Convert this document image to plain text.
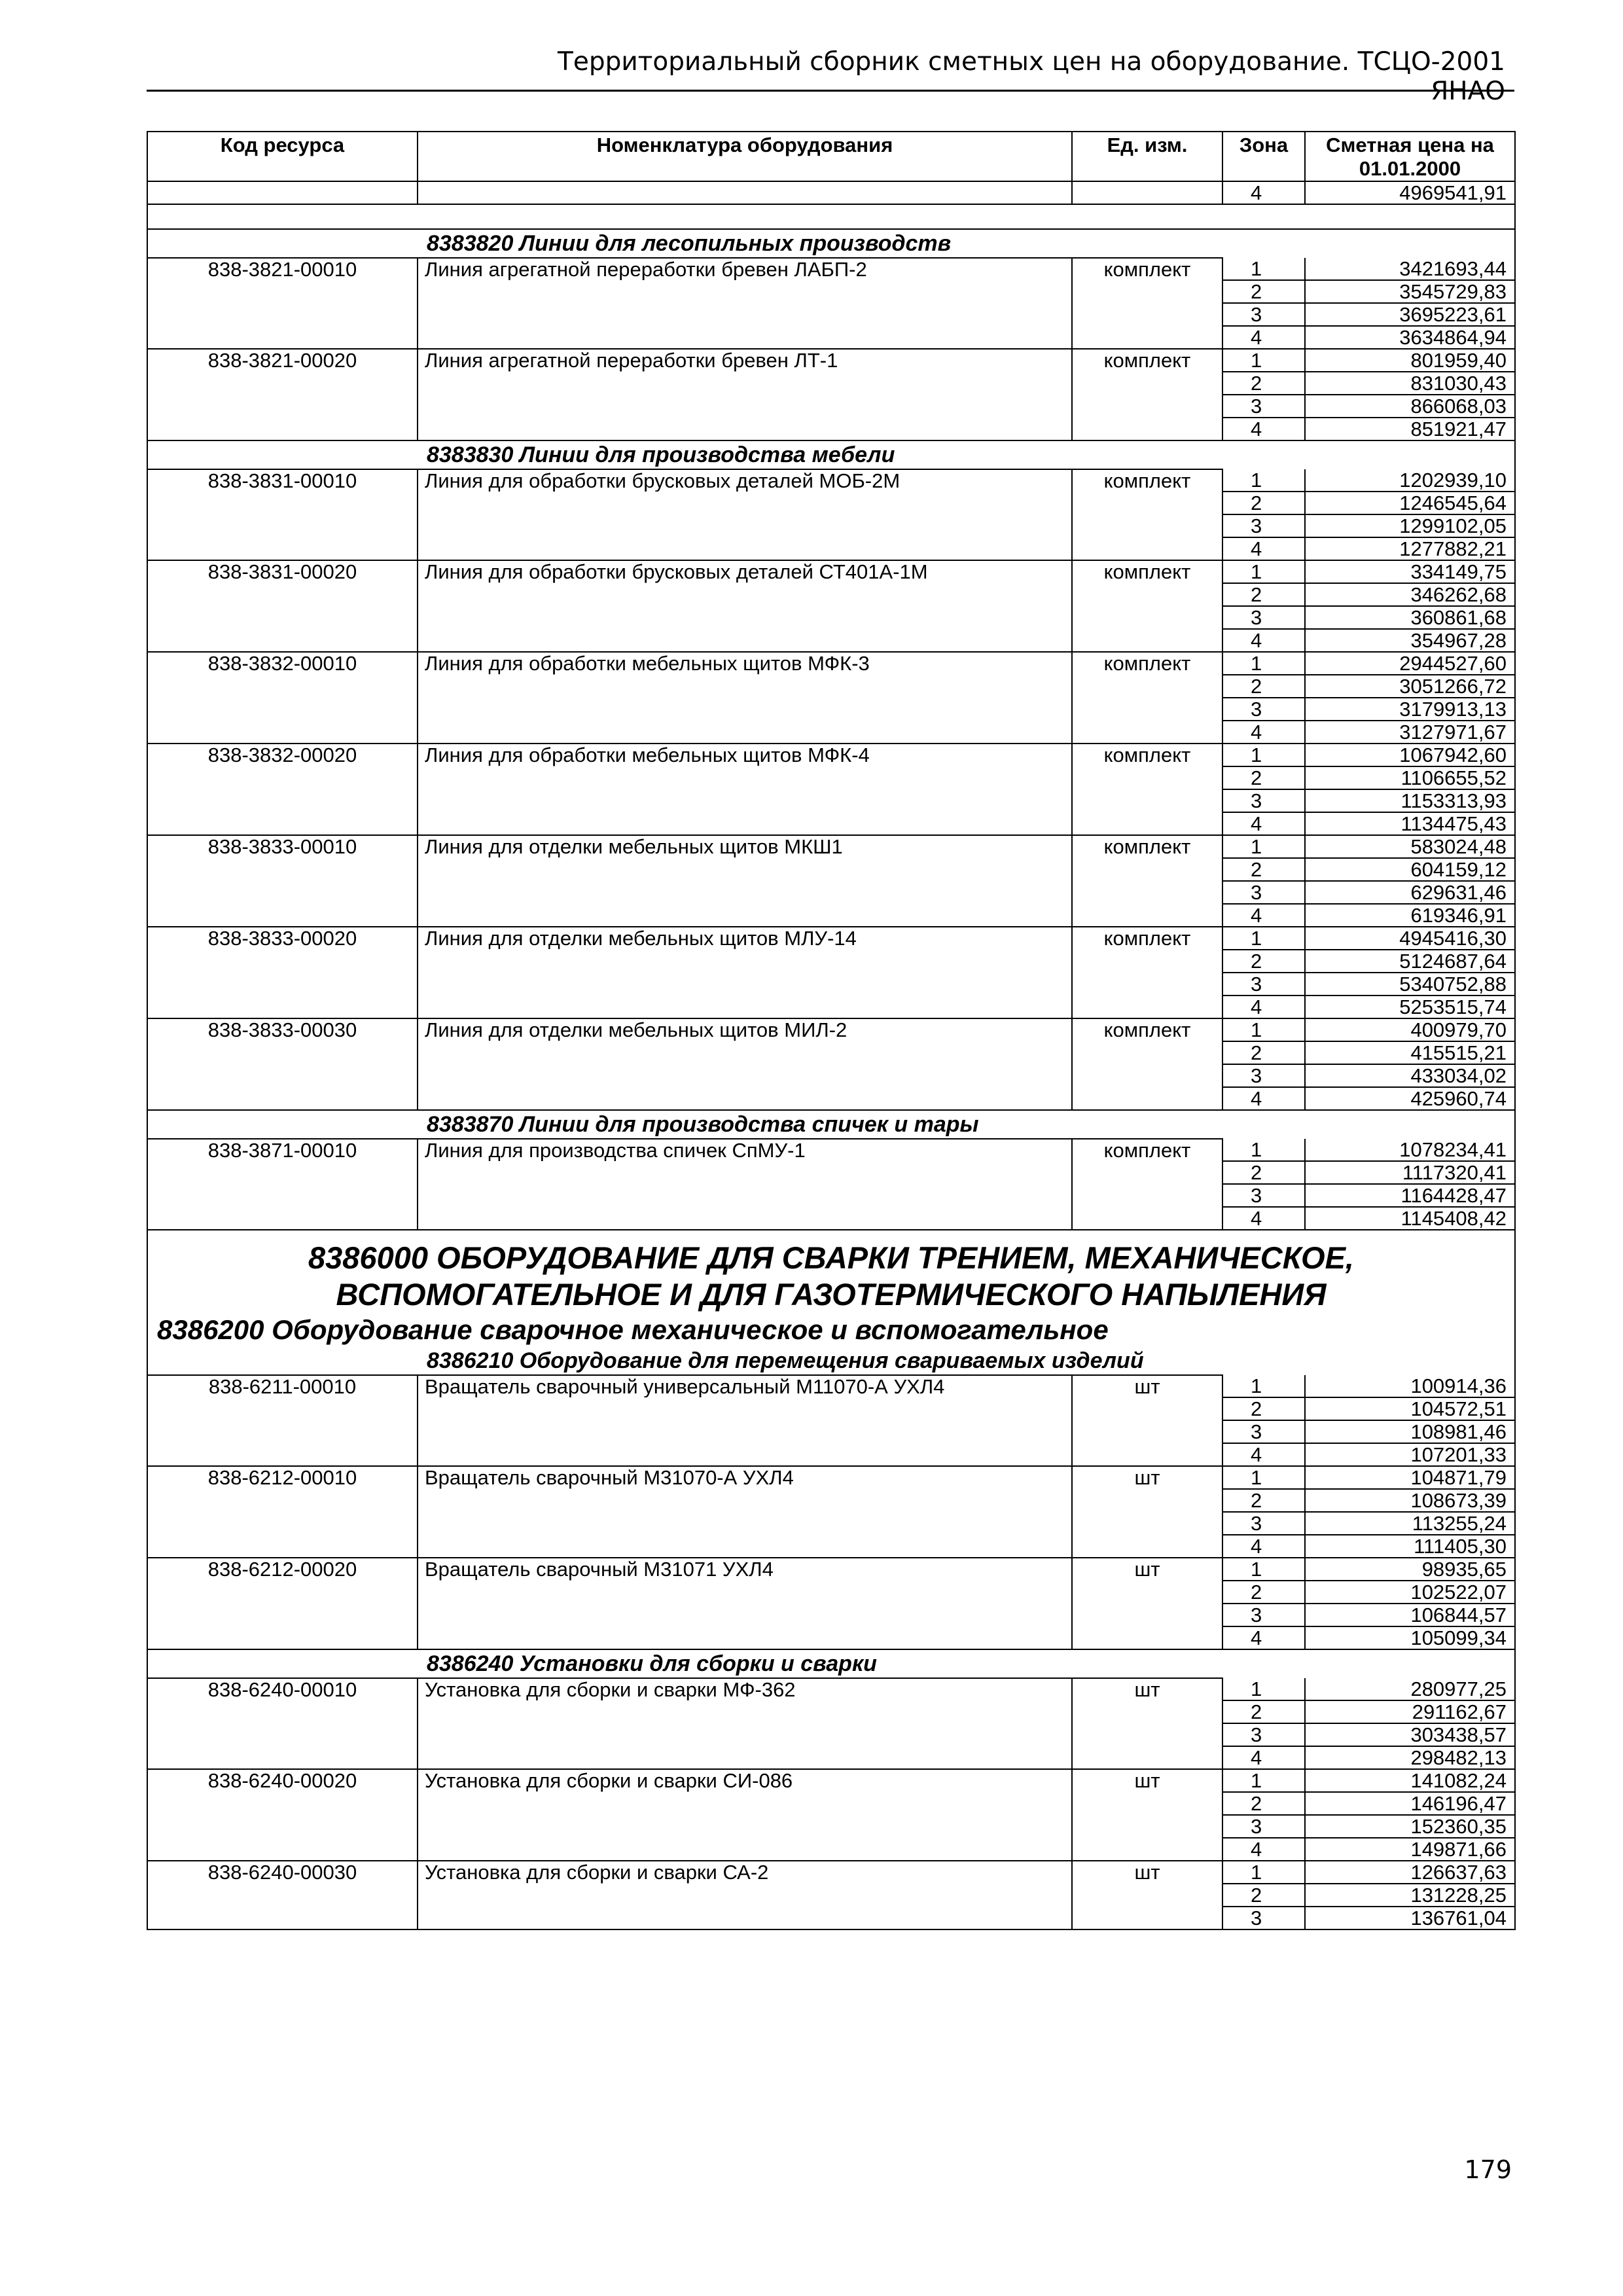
Территориальный сборник сметных цен на оборудование. ТСЦО-2001 ЯНАО
Код ресурса	Номенклатура оборудования	Ед. изм.	Зона	Сметная цена на 01.01.2000
			4	4969541,91

8383820 Линии для лесопильных производств				
838-3821-00010	Линия агрегатной переработки бревен ЛАБП-2	комплект	1	3421693,44
			2	3545729,83
			3	3695223,61
			4	3634864,94
838-3821-00020	Линия агрегатной переработки бревен ЛТ-1	комплект	1	801959,40
			2	831030,43
			3	866068,03
			4	851921,47
8383830 Линии для производства мебели				
838-3831-00010	Линия для обработки брусковых деталей МОБ-2М	комплект	1	1202939,10
			2	1246545,64
			3	1299102,05
			4	1277882,21
838-3831-00020	Линия для обработки брусковых деталей СТ401А-1М	комплект	1	334149,75
			2	346262,68
			3	360861,68
			4	354967,28
838-3832-00010	Линия для обработки мебельных щитов МФК-3	комплект	1	2944527,60
			2	3051266,72
			3	3179913,13
			4	3127971,67
838-3832-00020	Линия для обработки мебельных щитов МФК-4	комплект	1	1067942,60
			2	1106655,52
			3	1153313,93
			4	1134475,43
838-3833-00010	Линия для отделки мебельных щитов МКШ1	комплект	1	583024,48
			2	604159,12
			3	629631,46
			4	619346,91
838-3833-00020	Линия для отделки мебельных щитов МЛУ-14	комплект	1	4945416,30
			2	5124687,64
			3	5340752,88
			4	5253515,74
838-3833-00030	Линия для отделки мебельных щитов МИЛ-2	комплект	1	400979,70
			2	415515,21
			3	433034,02
			4	425960,74
8383870 Линии для производства спичек и тары				
838-3871-00010	Линия для производства спичек СпМУ-1	комплект	1	1078234,41
			2	1117320,41
			3	1164428,47
			4	1145408,42

8386000 ОБОРУДОВАНИЕ ДЛЯ СВАРКИ ТРЕНИЕМ, МЕХАНИЧЕСКОЕ,
ВСПОМОГАТЕЛЬНОЕ И ДЛЯ ГАЗОТЕРМИЧЕСКОГО НАПЫЛЕНИЯ				

8386200 Оборудование сварочное механическое и вспомогательное				
8386210 Оборудование для перемещения свариваемых изделий				
838-6211-00010	Вращатель сварочный универсальный М11070-А УХЛ4	шт	1	100914,36
			2	104572,51
			3	108981,46
			4	107201,33
838-6212-00010	Вращатель сварочный М31070-А УХЛ4	шт	1	104871,79
			2	108673,39
			3	113255,24
			4	111405,30
838-6212-00020	Вращатель сварочный М31071 УХЛ4	шт	1	98935,65
			2	102522,07
			3	106844,57
			4	105099,34
8386240 Установки для сборки и сварки				
838-6240-00010	Установка для сборки и сварки МФ-362	шт	1	280977,25
			2	291162,67
			3	303438,57
			4	298482,13
838-6240-00020	Установка для сборки и сварки СИ-086	шт	1	141082,24
			2	146196,47
			3	152360,35
			4	149871,66
838-6240-00030	Установка для сборки и сварки СА-2	шт	1	126637,63
			2	131228,25
			3	136761,04
179
